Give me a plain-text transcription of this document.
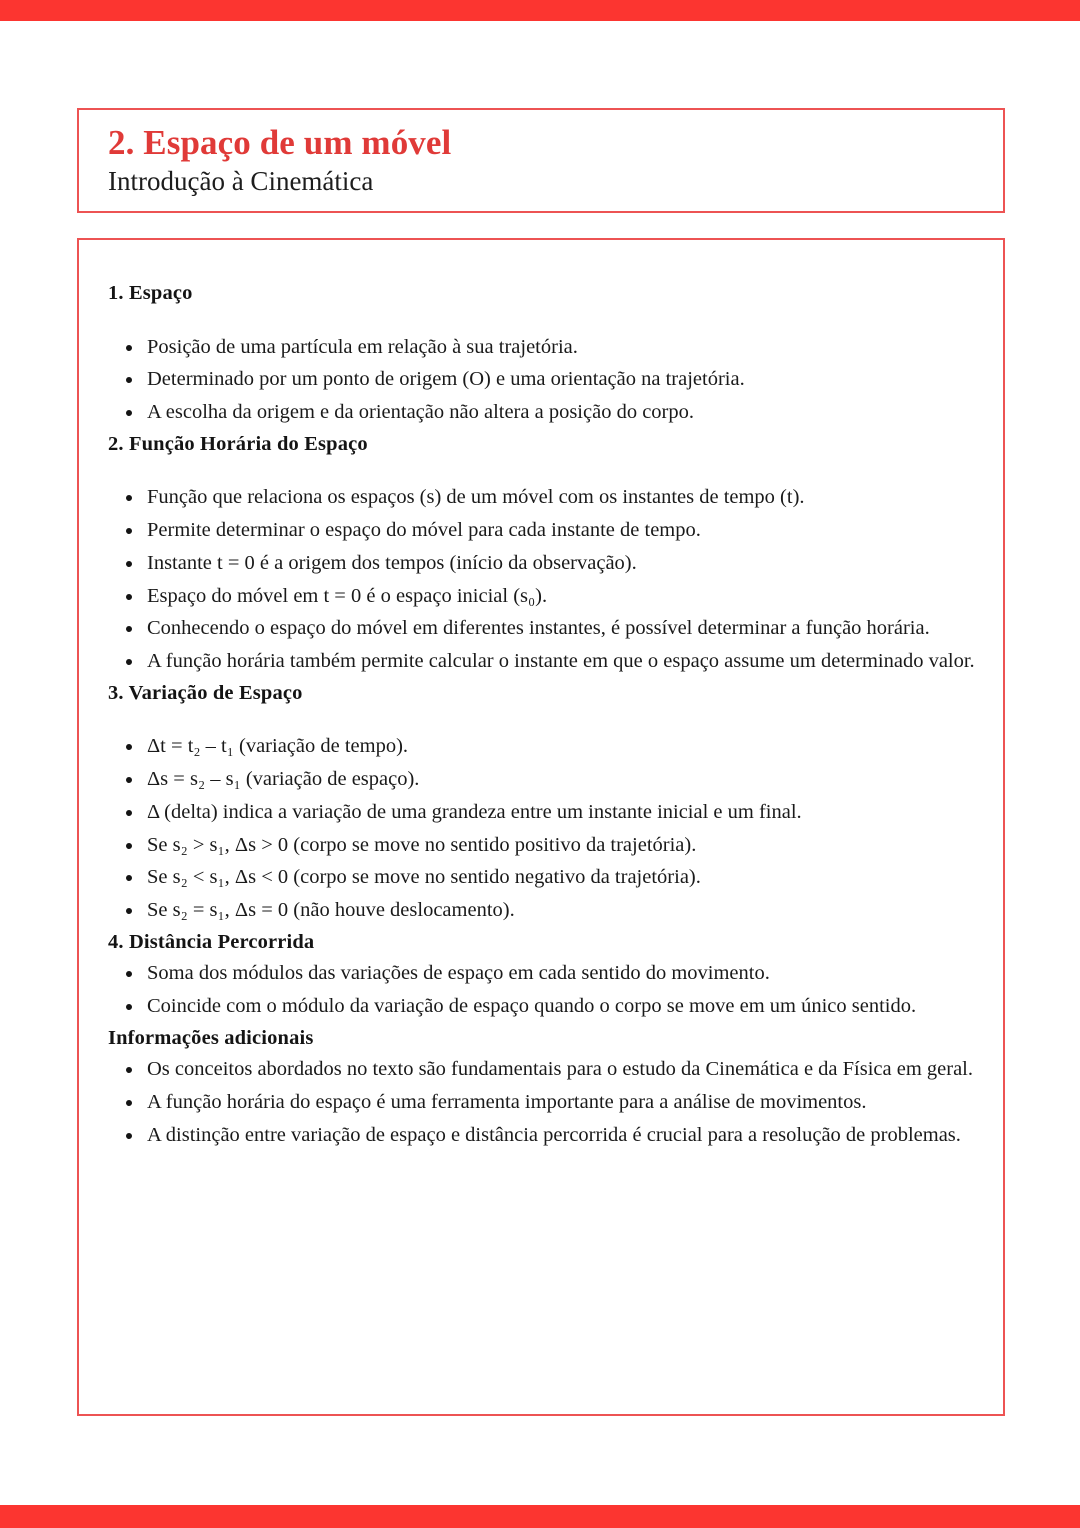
2. Espaço de um móvel
Introdução à Cinemática
1. Espaço
Posição de uma partícula em relação à sua trajetória.
Determinado por um ponto de origem (O) e uma orientação na trajetória.
A escolha da origem e da orientação não altera a posição do corpo.
2. Função Horária do Espaço
Função que relaciona os espaços (s) de um móvel com os instantes de tempo (t).
Permite determinar o espaço do móvel para cada instante de tempo.
Instante t = 0 é a origem dos tempos (início da observação).
Espaço do móvel em t = 0 é o espaço inicial (s₀).
Conhecendo o espaço do móvel em diferentes instantes, é possível determinar a função horária.
A função horária também permite calcular o instante em que o espaço assume um determinado valor.
3. Variação de Espaço
Δt = t₂ – t₁ (variação de tempo).
Δs = s₂ – s₁ (variação de espaço).
Δ (delta) indica a variação de uma grandeza entre um instante inicial e um final.
Se s₂ > s₁, Δs > 0 (corpo se move no sentido positivo da trajetória).
Se s₂ < s₁, Δs < 0 (corpo se move no sentido negativo da trajetória).
Se s₂ = s₁, Δs = 0 (não houve deslocamento).
4. Distância Percorrida
Soma dos módulos das variações de espaço em cada sentido do movimento.
Coincide com o módulo da variação de espaço quando o corpo se move em um único sentido.
Informações adicionais
Os conceitos abordados no texto são fundamentais para o estudo da Cinemática e da Física em geral.
A função horária do espaço é uma ferramenta importante para a análise de movimentos.
A distinção entre variação de espaço e distância percorrida é crucial para a resolução de problemas.
